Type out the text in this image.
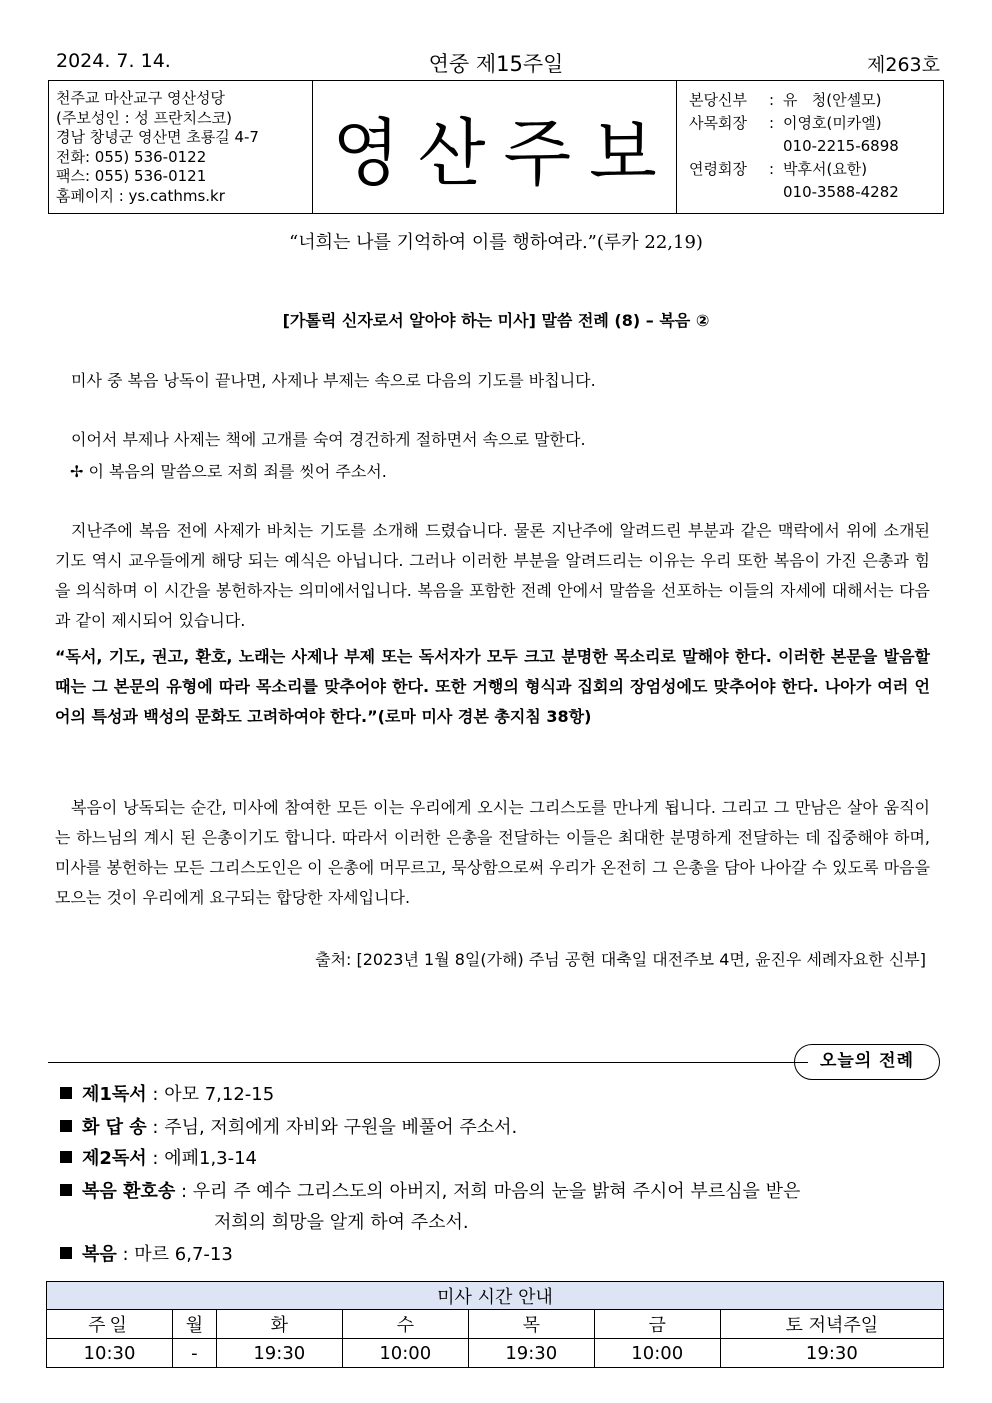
2024. 7. 14.	연중 제15주일	제263호
천주교 마산교구 영산성당
(주보성인 : 성 프란치스코)
경남 창녕군 영산면 초룡길 4-7
전화: 055) 536-0122
팩스: 055) 536-0121
홈페이지 : ys.cathms.kr	영산주보
본당신부	: 유   청(안셀모)
사목회장	: 이영호(미카엘)
010-2215-6898
연령회장	: 박후서(요한)
010-3588-4282
“너희는 나를 기억하여 이를 행하여라.”(루카 22,19)
[가톨릭 신자로서 알아야 하는 미사] 말씀 전례 (8) – 복음 ②
미사 중 복음 낭독이 끝나면, 사제나 부제는 속으로 다음의 기도를 바칩니다.
이어서 부제나 사제는 책에 고개를 숙여 경건하게 절하면서 속으로 말한다.
✢ 이 복음의 말씀으로 저희 죄를 씻어 주소서.
지난주에 복음 전에 사제가 바치는 기도를 소개해 드렸습니다. 물론 지난주에 알려드린 부분과 같은 맥락에서 위에 소개된 기도 역시 교우들에게 해당 되는 예식은 아닙니다. 그러나 이러한 부분을 알려드리는 이유는 우리 또한 복음이 가진 은총과 힘을 의식하며 이 시간을 봉헌하자는 의미에서입니다. 복음을 포함한 전례 안에서 말씀을 선포하는 이들의 자세에 대해서는 다음과 같이 제시되어 있습니다.
“독서, 기도, 권고, 환호, 노래는 사제나 부제 또는 독서자가 모두 크고 분명한 목소리로 말해야 한다. 이러한 본문을 발음할 때는 그 본문의 유형에 따라 목소리를 맞추어야 한다. 또한 거행의 형식과 집회의 장엄성에도 맞추어야 한다. 나아가 여러 언어의 특성과 백성의 문화도 고려하여야 한다.”(로마 미사 경본 총지침 38항)
복음이 낭독되는 순간, 미사에 참여한 모든 이는 우리에게 오시는 그리스도를 만나게 됩니다. 그리고 그 만남은 살아 움직이는 하느님의 계시 된 은총이기도 합니다. 따라서 이러한 은총을 전달하는 이들은 최대한 분명하게 전달하는 데 집중해야 하며, 미사를 봉헌하는 모든 그리스도인은 이 은총에 머무르고, 묵상함으로써 우리가 온전히 그 은총을 담아 나아갈 수 있도록 마음을 모으는 것이 우리에게 요구되는 합당한 자세입니다.
출처: [2023년 1월 8일(가해) 주님 공현 대축일 대전주보 4면, 윤진우 세례자요한 신부]
오늘의 전례
제1독서 : 아모 7,12-15
화 답 송 : 주님, 저희에게 자비와 구원을 베풀어 주소서.
제2독서 : 에페1,3-14
복음 환호송 : 우리 주 예수 그리스도의 아버지, 저희 마음의 눈을 밝혀 주시어 부르심을 받은
저희의 희망을 알게 하여 주소서.
복음 : 마르 6,7-13
미사 시간 안내						
주일	월	화	수	목	금	토 저녁주일
10:30	-	19:30	10:00	19:30	10:00	19:30
